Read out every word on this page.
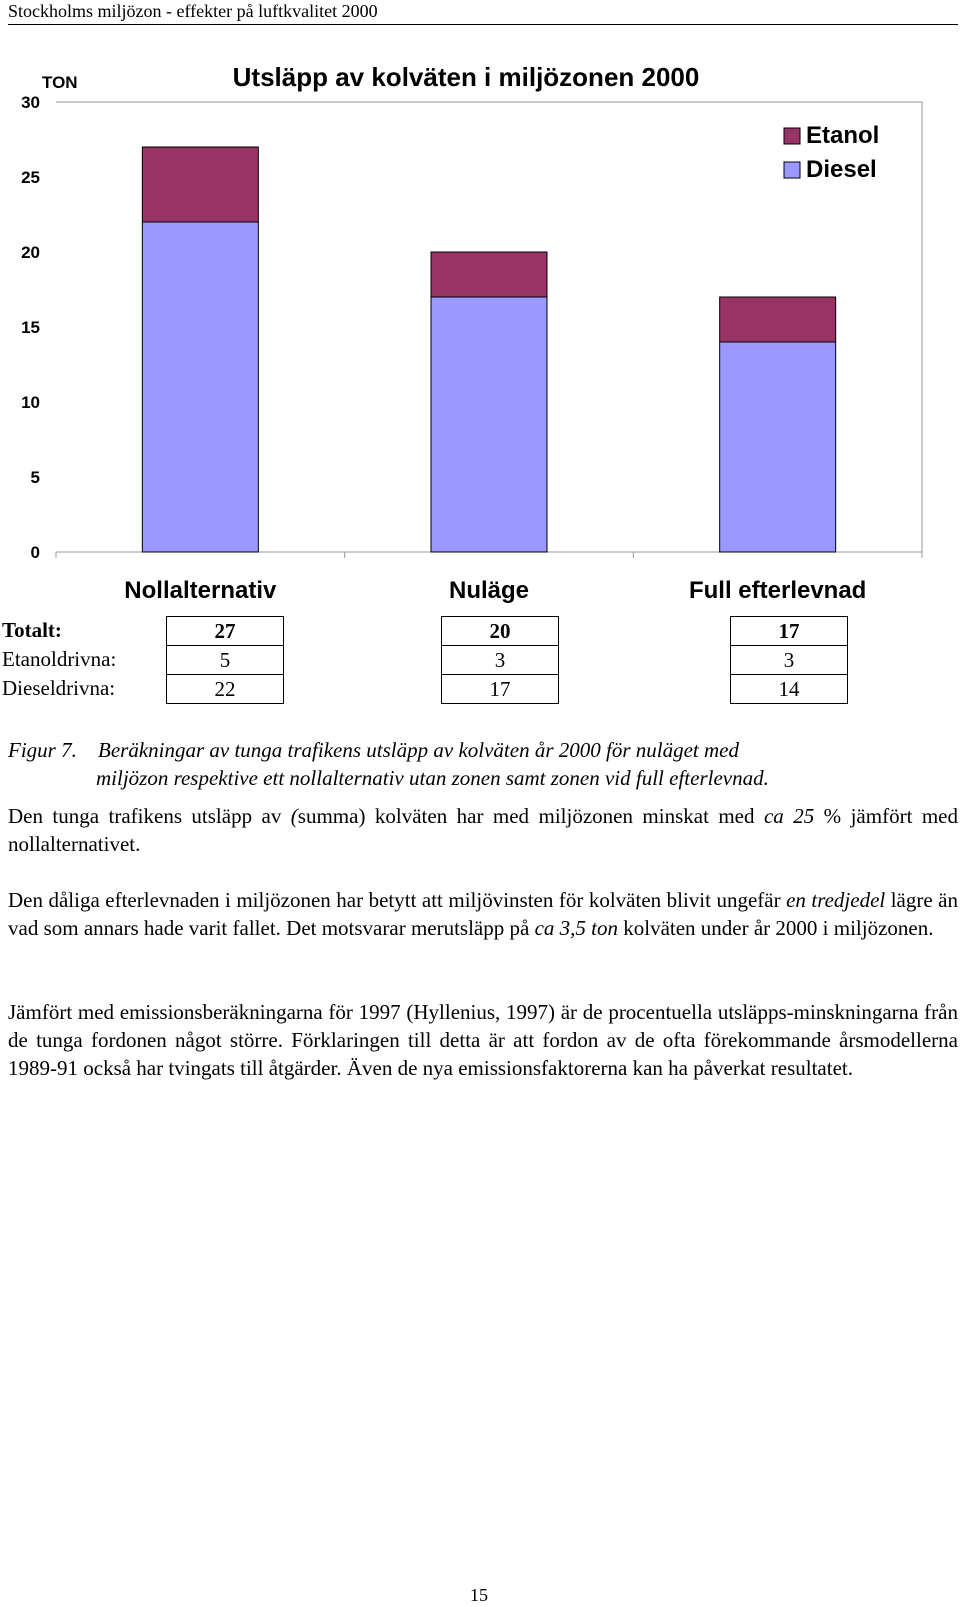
Stockholms miljözon - effekter på luftkvalitet 2000
Utsläpp av kolväten i miljözonen 2000
TON
0
5
10
15
20
25
30
Nollalternativ	Nuläge	Full efterlevnad
Etanol
Diesel
Totalt:
Etanoldrivna:
Dieseldrivna:
27
5
22
20
3
17
17
3
14
Figur 7. Beräkningar av tunga trafikens utsläpp av kolväten år 2000 för nuläget med
miljözon respektive ett nollalternativ utan zonen samt zonen vid full efterlevnad.
Den tunga trafikens utsläpp av (summa) kolväten har med miljözonen minskat med ca 25 % jämfört med nollalternativet.
Den dåliga efterlevnaden i miljözonen har betytt att miljövinsten för kolväten blivit ungefär en tredjedel lägre än vad som annars hade varit fallet. Det motsvarar merutsläpp på ca 3,5 ton kolväten under år 2000 i miljözonen.
Jämfört med emissionsberäkningarna för 1997 (Hyllenius, 1997) är de procentuella utsläpps-minskningarna från de tunga fordonen något större. Förklaringen till detta är att fordon av de ofta förekommande årsmodellerna 1989-91 också har tvingats till åtgärder. Även de nya emissionsfaktorerna kan ha påverkat resultatet.
15
